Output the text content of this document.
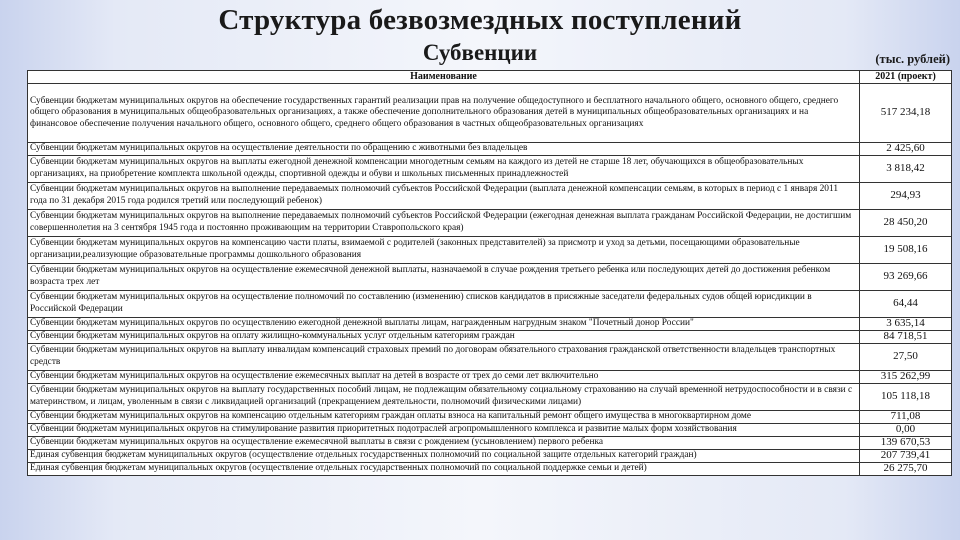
Структура безвозмездных поступлений
Субвенции	(тыс. рублей)
Наименование	2021 (проект)
Субвенции бюджетам муниципальных округов на обеспечение государственных гарантий реализации прав на получение общедоступного и бесплатного начального общего, основного общего, среднего общего образования в муниципальных общеобразовательных организациях, а также обеспечение дополнительного образования детей в муниципальных общеобразовательных организациях и на финансовое обеспечение получения начального общего, основного общего, среднего общего образования в частных общеобразовательных организациях	517 234,18
Субвенции бюджетам муниципальных округов на осуществление деятельности по обращению с животными без владельцев	2 425,60
Субвенции бюджетам муниципальных округов на выплаты ежегодной денежной компенсации многодетным семьям на каждого из детей не старше 18 лет, обучающихся в общеобразовательных организациях, на приобретение комплекта школьной одежды, спортивной одежды и обуви и школьных письменных принадлежностей	3 818,42
Субвенции бюджетам муниципальных округов на выполнение передаваемых полномочий субъектов Российской Федерации (выплата денежной компенсации семьям, в которых в период с 1 января 2011 года по 31 декабря 2015 года родился третий или последующий ребенок)	294,93
Субвенции бюджетам муниципальных округов на выполнение передаваемых полномочий субъектов Российской Федерации (ежегодная денежная выплата гражданам Российской Федерации, не достигшим совершеннолетия на 3 сентября 1945 года и постоянно проживающим на территории Ставропольского края)	28 450,20
Субвенции бюджетам муниципальных округов на компенсацию части платы, взимаемой с родителей (законных представителей) за присмотр и уход за детьми, посещающими образовательные организации,реализующие образовательные программы дошкольного образования	19 508,16
Субвенции бюджетам муниципальных округов на осуществление ежемесячной денежной выплаты, назначаемой в случае рождения третьего ребенка или последующих детей до достижения ребенком возраста трех лет	93 269,66
Субвенции бюджетам муниципальных округов на осуществление полномочий по составлению (изменению) списков кандидатов в присяжные заседатели федеральных судов общей юрисдикции в Российской Федерации	64,44
Субвенции бюджетам муниципальных округов по осуществлению ежегодной денежной выплаты лицам, награжденным нагрудным знаком "Почетный донор России"	3 635,14
Субвенции бюджетам муниципальных округов на оплату жилищно-коммунальных услуг отдельным категориям граждан	84 718,51
Субвенции бюджетам муниципальных округов на выплату инвалидам компенсаций страховых премий по договорам обязательного страхования гражданской ответственности владельцев транспортных средств	27,50
Субвенции бюджетам муниципальных округов на осуществление ежемесячных выплат на детей в возрасте от трех до семи лет включительно	315 262,99
Субвенции бюджетам муниципальных округов на выплату государственных пособий лицам, не подлежащим обязательному социальному страхованию на случай временной нетрудоспособности и в связи с материнством, и лицам, уволенным в связи с ликвидацией организаций (прекращением деятельности, полномочий физическими лицами)	105 118,18
Субвенции бюджетам муниципальных округов на компенсацию отдельным категориям граждан оплаты взноса на капитальный ремонт общего имущества в многоквартирном доме	711,08
Субвенции бюджетам муниципальных округов на стимулирование развития приоритетных подотраслей агропромышленного комплекса и развитие малых форм хозяйствования	0,00
Субвенции бюджетам муниципальных округов на осуществление ежемесячной выплаты в связи с рождением (усыновлением) первого ребенка	139 670,53
Единая субвенция бюджетам муниципальных округов (осуществление отдельных государственных полномочий по социальной защите отдельных категорий граждан)	207 739,41
Единая субвенция бюджетам муниципальных округов (осуществление отдельных государственных полномочий по социальной поддержке семьи и детей)	26 275,70
